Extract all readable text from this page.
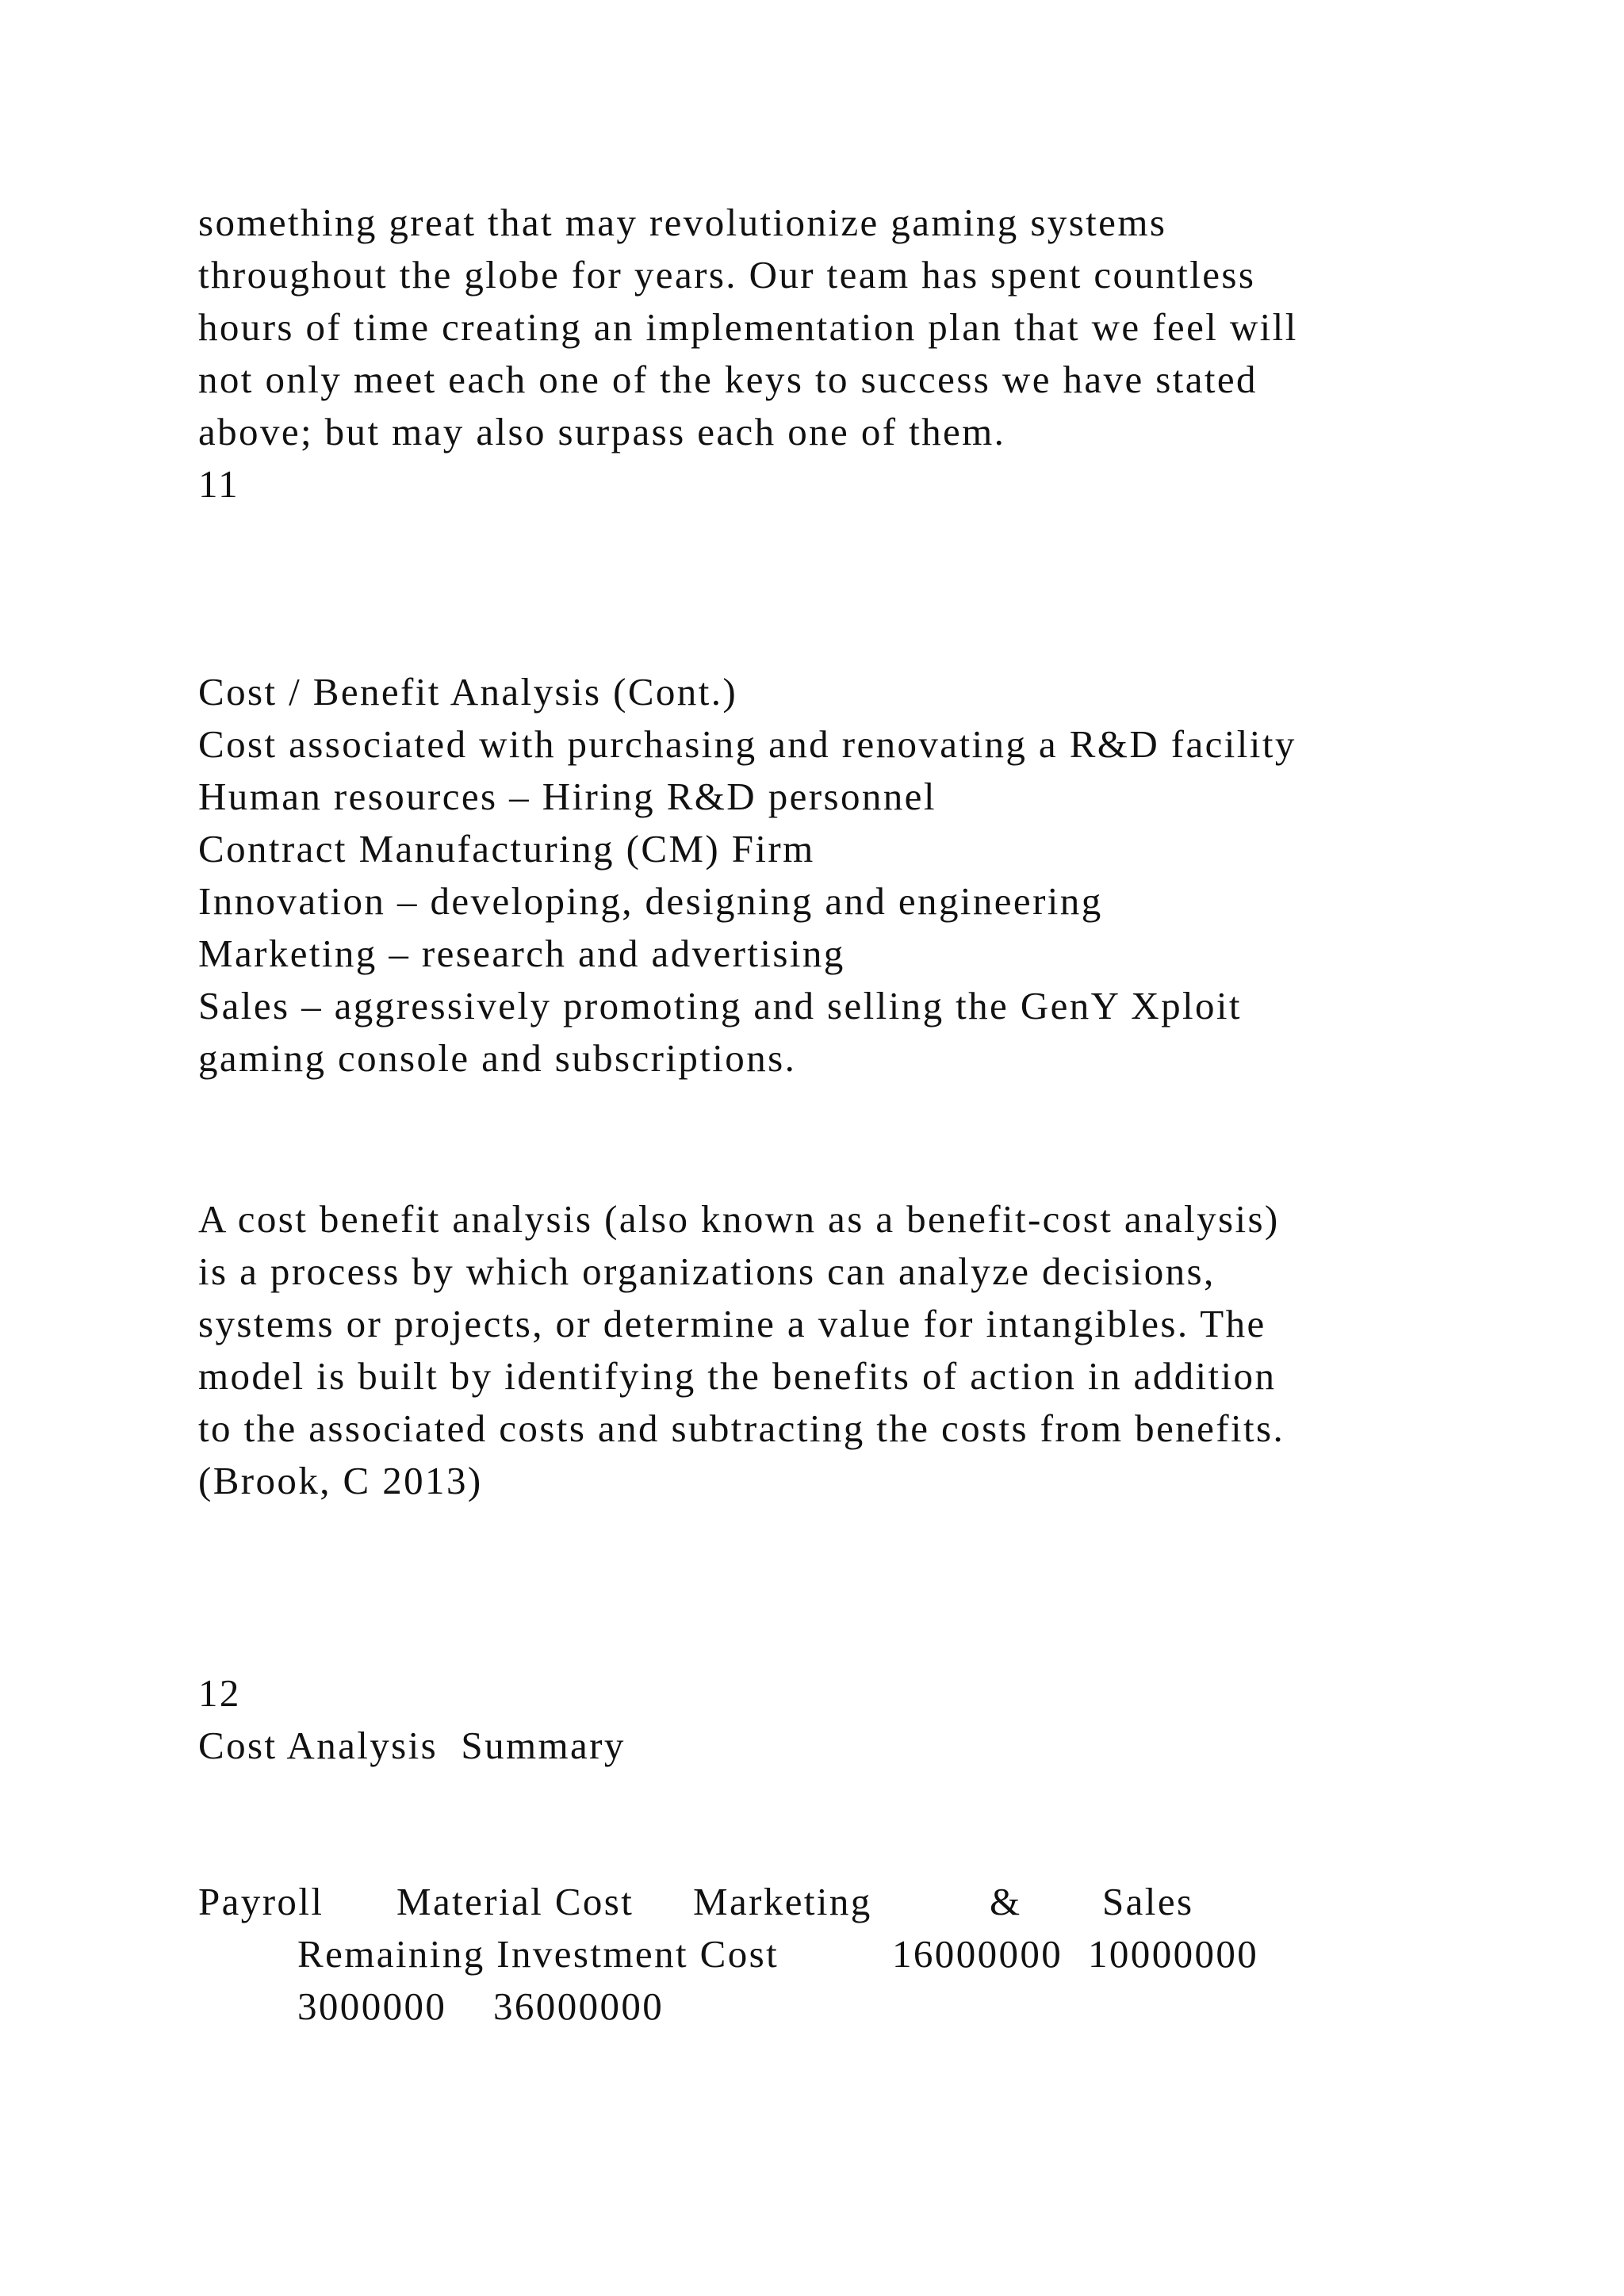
something great that may revolutionize gaming systems

throughout the globe for years. Our team has spent countless

hours of time creating an implementation plan that we feel will

not only meet each one of the keys to success we have stated

above; but may also surpass each one of them.

11

Cost / Benefit Analysis (Cont.)

Cost associated with purchasing and renovating a R&D facility

Human resources – Hiring R&D personnel

Contract Manufacturing (CM) Firm

Innovation – developing, designing and engineering

Marketing – research and advertising

Sales – aggressively promoting and selling the GenY Xploit

gaming console and subscriptions.

A cost benefit analysis (also known as a benefit-cost analysis)

is a process by which organizations can analyze decisions,

systems or projects, or determine a value for intangibles. The

model is built by identifying the benefits of action in addition

to the associated costs and subtracting the costs from benefits.

(Brook, C 2013)

12

Cost Analysis  Summary

Payroll Material Cost Marketing	& Sales
Remaining Investment Cost	16000000 10000000
3000000 36000000
